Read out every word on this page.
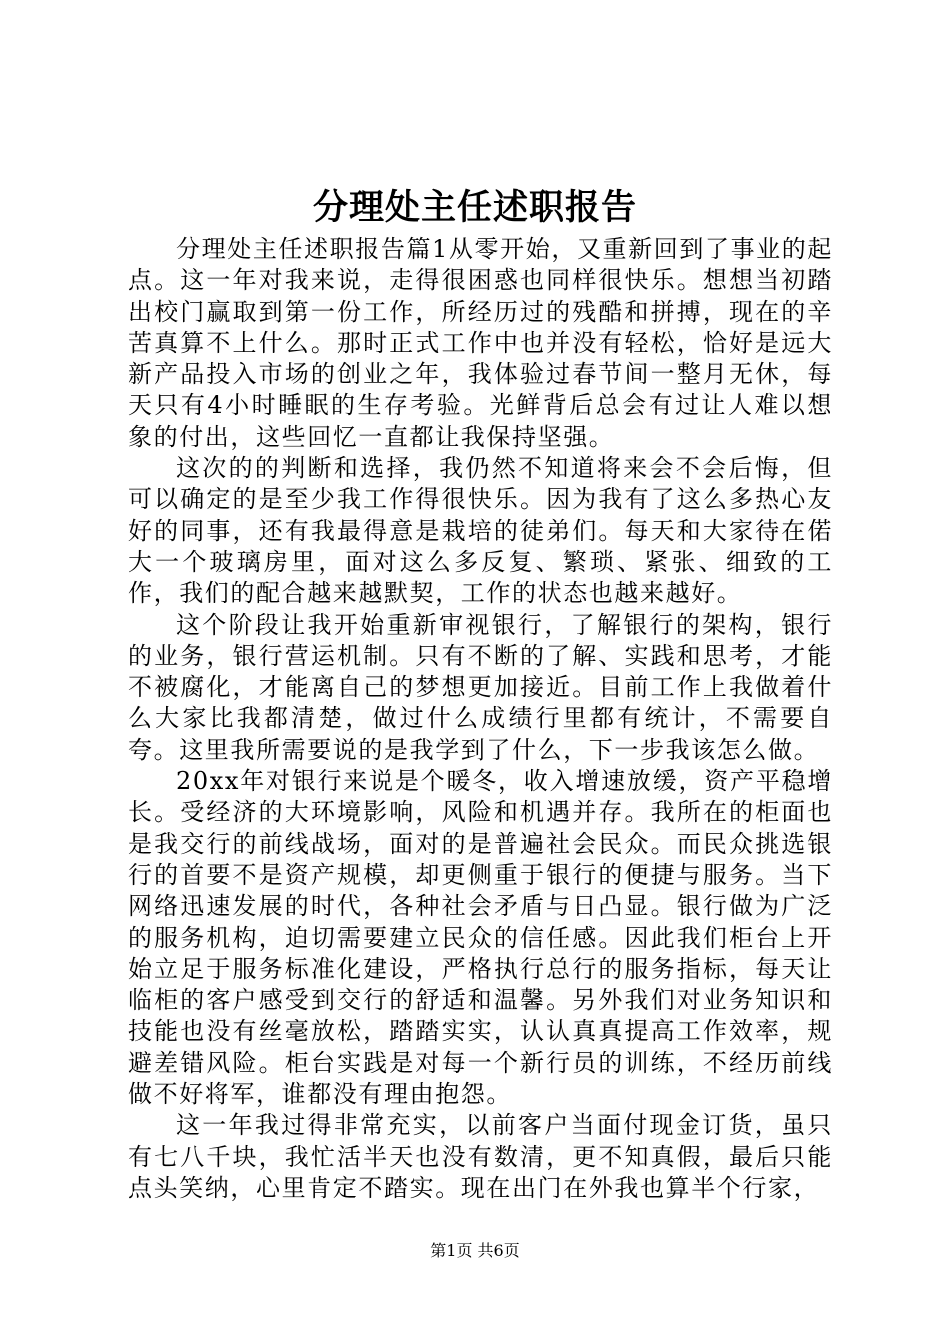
分理处主任述职报告

分理处主任述职报告篇1从零开始，又重新回到了事业的起点。这一年对我来说，走得很困惑也同样很快乐。想想当初踏出校门赢取到第一份工作，所经历过的残酷和拼搏，现在的辛苦真算不上什么。那时正式工作中也并没有轻松，恰好是远大新产品投入市场的创业之年，我体验过春节间一整月无休，每天只有4小时睡眠的生存考验。光鲜背后总会有过让人难以想象的付出，这些回忆一直都让我保持坚强。

这次的的判断和选择，我仍然不知道将来会不会后悔，但可以确定的是至少我工作得很快乐。因为我有了这么多热心友好的同事，还有我最得意是栽培的徒弟们。每天和大家待在偌大一个玻璃房里，面对这么多反复、繁琐、紧张、细致的工作，我们的配合越来越默契，工作的状态也越来越好。

这个阶段让我开始重新审视银行，了解银行的架构，银行的业务，银行营运机制。只有不断的了解、实践和思考，才能不被腐化，才能离自己的梦想更加接近。目前工作上我做着什么大家比我都清楚，做过什么成绩行里都有统计，不需要自夸。这里我所需要说的是我学到了什么，下一步我该怎么做。

20xx年对银行来说是个暖冬，收入增速放缓，资产平稳增长。受经济的大环境影响，风险和机遇并存。我所在的柜面也是我交行的前线战场，面对的是普遍社会民众。而民众挑选银行的首要不是资产规模，却更侧重于银行的便捷与服务。当下网络迅速发展的时代，各种社会矛盾与日凸显。银行做为广泛的服务机构，迫切需要建立民众的信任感。因此我们柜台上开始立足于服务标准化建设，严格执行总行的服务指标，每天让临柜的客户感受到交行的舒适和温馨。另外我们对业务知识和技能也没有丝毫放松，踏踏实实，认认真真提高工作效率，规避差错风险。柜台实践是对每一个新行员的训练，不经历前线做不好将军，谁都没有理由抱怨。

这一年我过得非常充实，以前客户当面付现金订货，虽只有七八千块，我忙活半天也没有数清，更不知真假，最后只能点头笑纳，心里肯定不踏实。现在出门在外我也算半个行家，

第1页 共6页
